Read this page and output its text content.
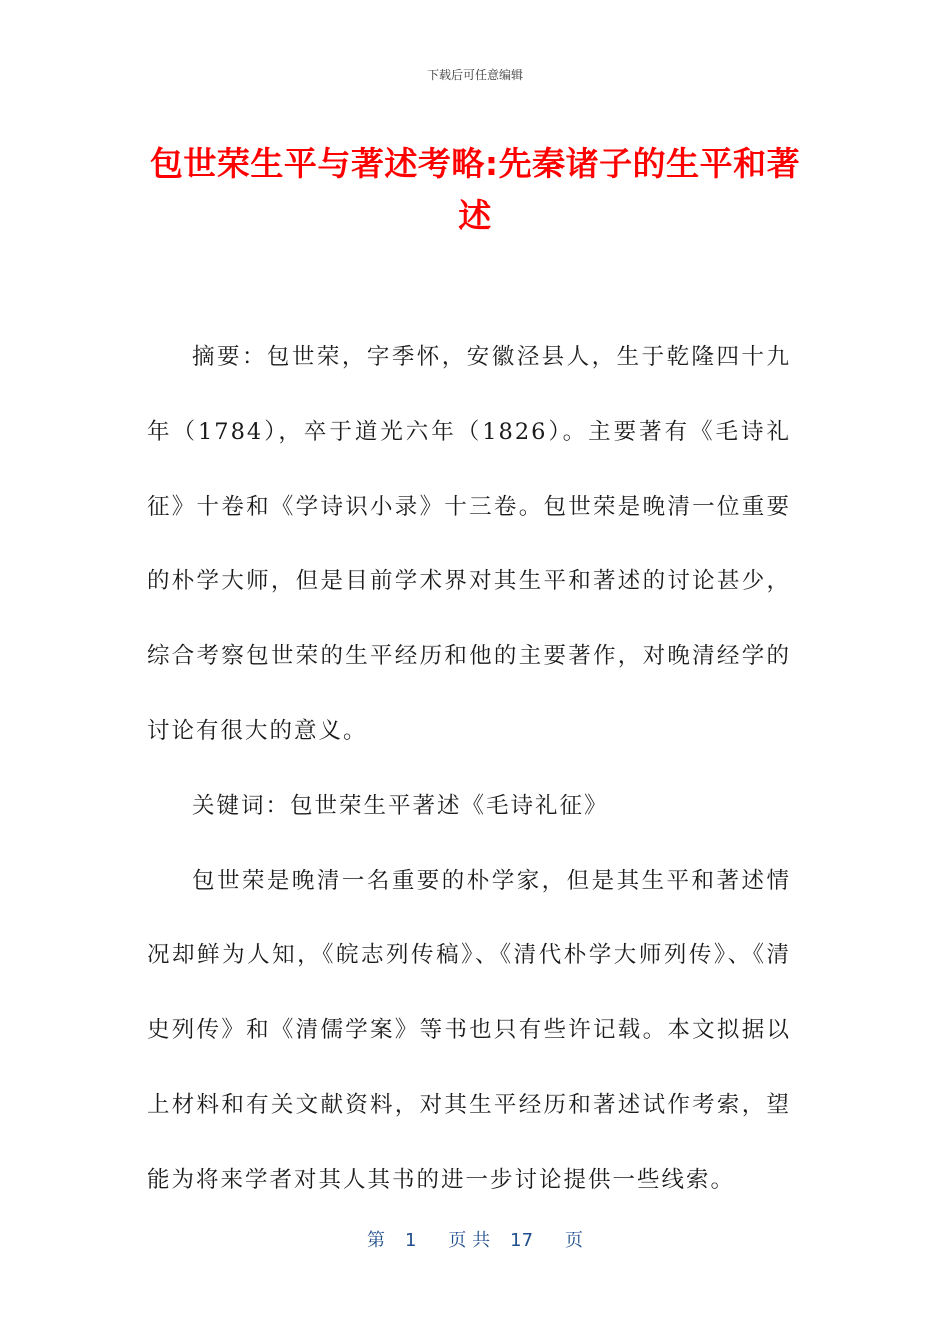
下载后可任意编辑
包世荣生平与著述考略:先秦诸子的生平和著述

摘要：包世荣，字季怀，安徽泾县人，生于乾隆四十九年（1784），卒于道光六年（1826）。主要著有《毛诗礼征》十卷和《学诗识小录》十三卷。包世荣是晚清一位重要的朴学大师，但是目前学术界对其生平和著述的讨论甚少，综合考察包世荣的生平经历和他的主要著作，对晚清经学的讨论有很大的意义。

关键词：包世荣生平著述《毛诗礼征》

包世荣是晚清一名重要的朴学家，但是其生平和著述情况却鲜为人知，《皖志列传稿》、《清代朴学大师列传》、《清史列传》和《清儒学案》等书也只有些许记载。本文拟据以上材料和有关文献资料，对其生平经历和著述试作考索，望能为将来学者对其人其书的进一步讨论提供一些线索。

第 1 页 共 17 页
